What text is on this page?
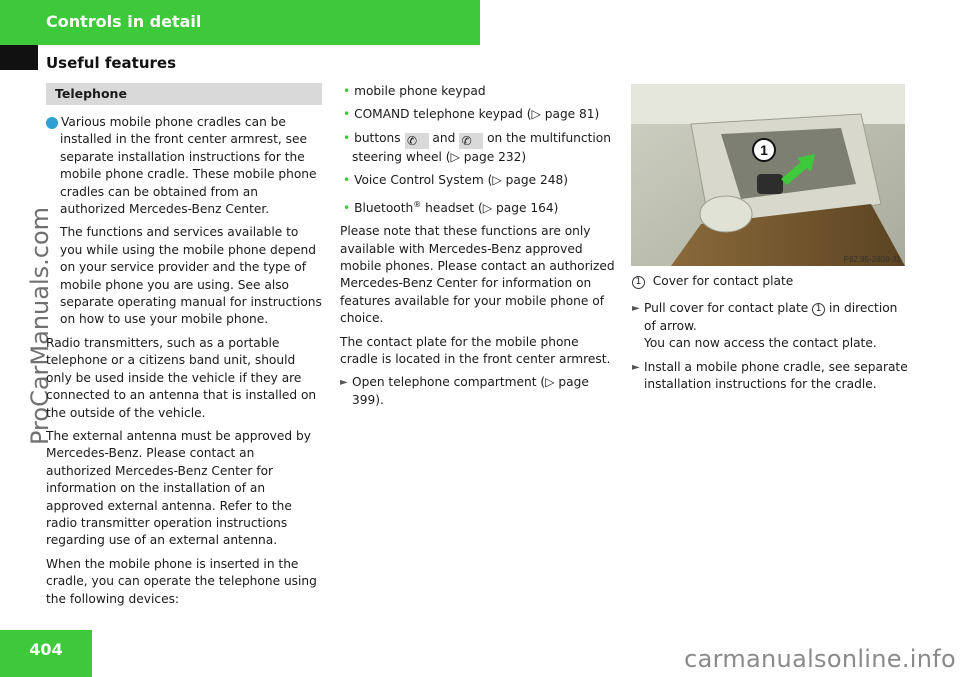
Controls in detail
Useful features
ProCarManuals.com
Telephone

i Various mobile phone cradles can be installed in the front center armrest, see separate installation instructions for the mobile phone cradle. These mobile phone cradles can be obtained from an authorized Mercedes-Benz Center.

The functions and services available to you while using the mobile phone depend on your service provider and the type of mobile phone you are using. See also separate operating manual for instructions on how to use your mobile phone.

Radio transmitters, such as a portable telephone or a citizens band unit, should only be used inside the vehicle if they are connected to an antenna that is installed on the outside of the vehicle.

The external antenna must be approved by Mercedes-Benz. Please contact an authorized Mercedes-Benz Center for information on the installation of an approved external antenna. Refer to the radio transmitter operation instructions regarding use of an external antenna.

When the mobile phone is inserted in the cradle, you can operate the telephone using the following devices:

• mobile phone keypad
• COMAND telephone keypad (▷ page 81)
• buttons ✆ and ✆ on the multifunction steering wheel (▷ page 232)
• Voice Control System (▷ page 248)
• Bluetooth® headset (▷ page 164)

Please note that these functions are only available with Mercedes-Benz approved mobile phones. Please contact an authorized Mercedes-Benz Center for information on features available for your mobile phone of choice.

The contact plate for the mobile phone cradle is located in the front center armrest.

► Open telephone compartment (▷ page 399).
1
P82.95-2809-31

1 Cover for contact plate

► Pull cover for contact plate 1 in direction of arrow.
You can now access the contact plate.
► Install a mobile phone cradle, see separate installation instructions for the cradle.
404	carmanualsonline.info
